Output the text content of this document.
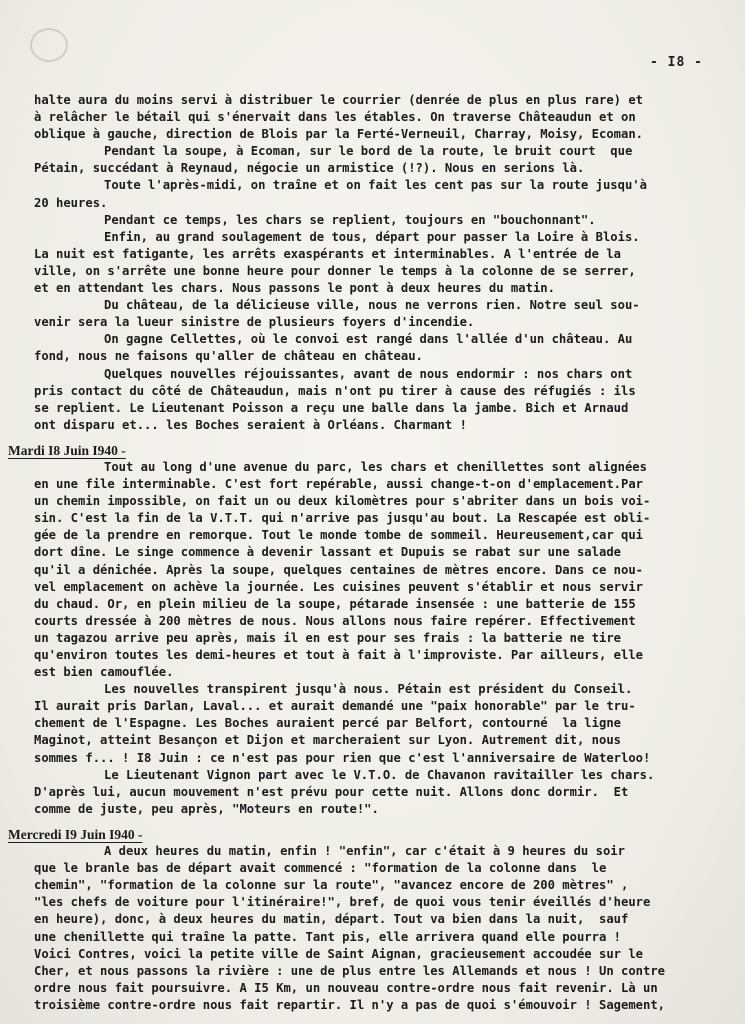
- I8 -
halte aura du moins servi à distribuer le courrier (denrée de plus en plus rare) et
à relâcher le bétail qui s'énervait dans les étables. On traverse Châteaudun et on
oblique à gauche, direction de Blois par la Ferté-Verneuil, Charray, Moisy, Ecoman.
Pendant la soupe, à Ecoman, sur le bord de la route, le bruit court  que
Pétain, succédant à Reynaud, négocie un armistice (!?). Nous en serions là.
Toute l'après-midi, on traîne et on fait les cent pas sur la route jusqu'à
20 heures.
Pendant ce temps, les chars se replient, toujours en "bouchonnant".
Enfin, au grand soulagement de tous, départ pour passer la Loire à Blois.
La nuit est fatigante, les arrêts exaspérants et interminables. A l'entrée de la
ville, on s'arrête une bonne heure pour donner le temps à la colonne de se serrer,
et en attendant les chars. Nous passons le pont à deux heures du matin.
Du château, de la délicieuse ville, nous ne verrons rien. Notre seul sou-
venir sera la lueur sinistre de plusieurs foyers d'incendie.
On gagne Cellettes, où le convoi est rangé dans l'allée d'un château. Au
fond, nous ne faisons qu'aller de château en château.
Quelques nouvelles réjouissantes, avant de nous endormir : nos chars ont
pris contact du côté de Châteaudun, mais n'ont pu tirer à cause des réfugiés : ils
se replient. Le Lieutenant Poisson a reçu une balle dans la jambe. Bich et Arnaud
ont disparu et... les Boches seraient à Orléans. Charmant !
Mardi I8 Juin I940 -
Tout au long d'une avenue du parc, les chars et chenillettes sont alignées
en une file interminable. C'est fort repérable, aussi change-t-on d'emplacement.Par
un chemin impossible, on fait un ou deux kilomètres pour s'abriter dans un bois voi-
sin. C'est la fin de la V.T.T. qui n'arrive pas jusqu'au bout. La Rescapée est obli-
gée de la prendre en remorque. Tout le monde tombe de sommeil. Heureusement,car qui
dort dîne. Le singe commence à devenir lassant et Dupuis se rabat sur une salade
qu'il a dénichée. Après la soupe, quelques centaines de mètres encore. Dans ce nou-
vel emplacement on achève la journée. Les cuisines peuvent s'établir et nous servir
du chaud. Or, en plein milieu de la soupe, pétarade insensée : une batterie de 155
courts dressée à 200 mètres de nous. Nous allons nous faire repérer. Effectivement
un tagazou arrive peu après, mais il en est pour ses frais : la batterie ne tire
qu'environ toutes les demi-heures et tout à fait à l'improviste. Par ailleurs, elle
est bien camouflée.
Les nouvelles transpirent jusqu'à nous. Pétain est président du Conseil.
Il aurait pris Darlan, Laval... et aurait demandé une "paix honorable" par le tru-
chement de l'Espagne. Les Boches auraient percé par Belfort, contourné  la ligne
Maginot, atteint Besançon et Dijon et marcheraient sur Lyon. Autrement dit, nous
sommes f... ! I8 Juin : ce n'est pas pour rien que c'est l'anniversaire de Waterloo!
Le Lieutenant Vignon part avec le V.T.O. de Chavanon ravitailler les chars.
D'après lui, aucun mouvement n'est prévu pour cette nuit. Allons donc dormir.  Et
comme de juste, peu après, "Moteurs en route!".
Mercredi I9 Juin I940 -
A deux heures du matin, enfin ! "enfin", car c'était à 9 heures du soir
que le branle bas de départ avait commencé : "formation de la colonne dans  le
chemin", "formation de la colonne sur la route", "avancez encore de 200 mètres" ,
"les chefs de voiture pour l'itinéraire!", bref, de quoi vous tenir éveillés d'heure
en heure), donc, à deux heures du matin, départ. Tout va bien dans la nuit,  sauf
une chenillette qui traîne la patte. Tant pis, elle arrivera quand elle pourra !
Voici Contres, voici la petite ville de Saint Aignan, gracieusement accoudée sur le
Cher, et nous passons la rivière : une de plus entre les Allemands et nous ! Un contre
ordre nous fait poursuivre. A I5 Km, un nouveau contre-ordre nous fait revenir. Là un
troisième contre-ordre nous fait repartir. Il n'y a pas de quoi s'émouvoir ! Sagement,
